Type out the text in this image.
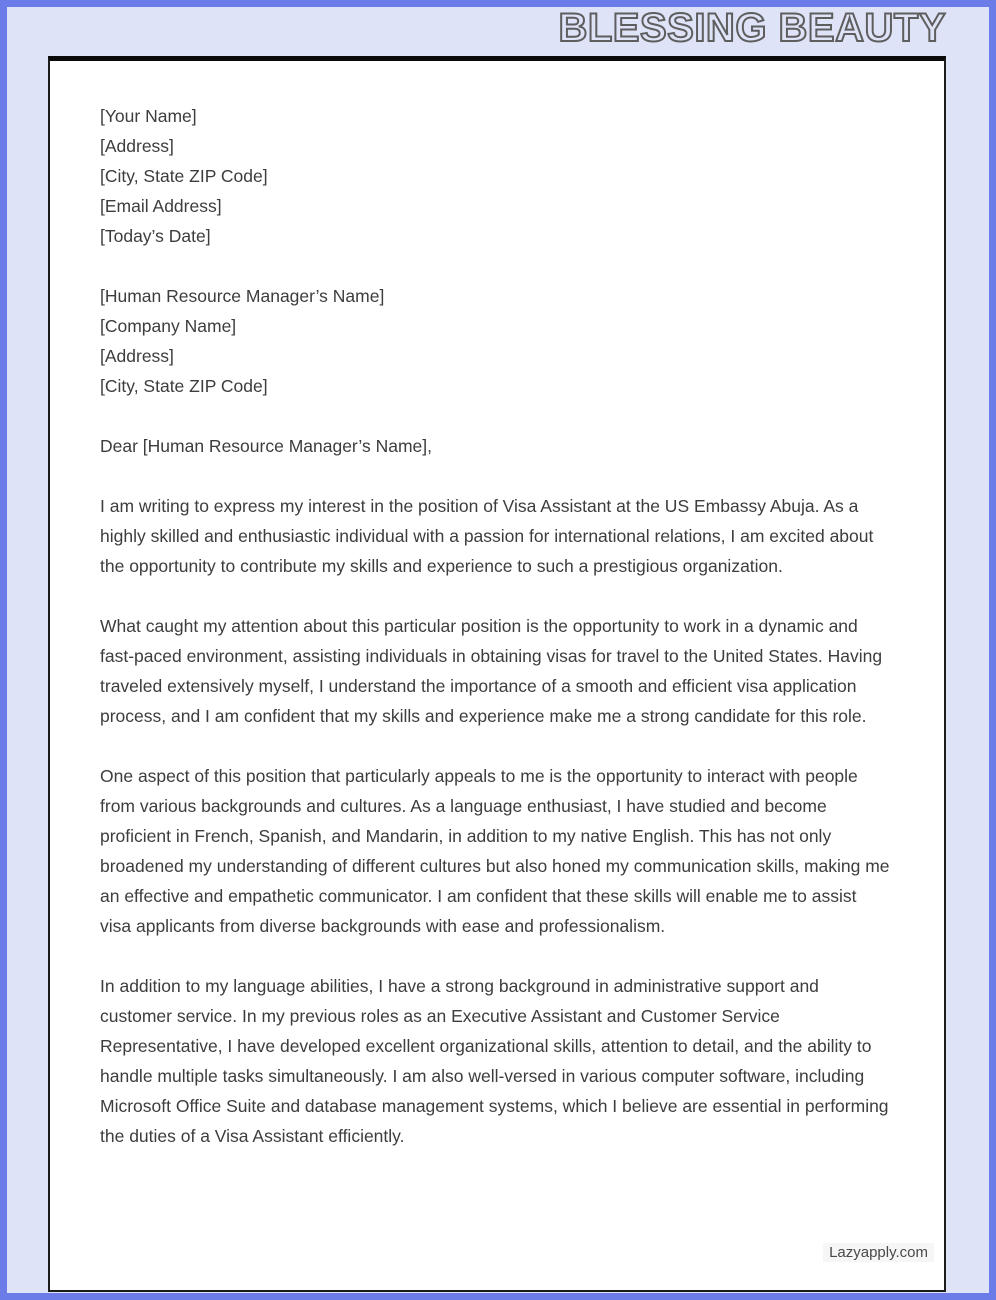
BLESSING BEAUTY
[Your Name]
[Address]
[City, State ZIP Code]
[Email Address]
[Today’s Date]
[Human Resource Manager’s Name]
[Company Name]
[Address]
[City, State ZIP Code]
Dear [Human Resource Manager’s Name],

I am writing to express my interest in the position of Visa Assistant at the US Embassy Abuja. As a highly skilled and enthusiastic individual with a passion for international relations, I am excited about the opportunity to contribute my skills and experience to such a prestigious organization.

What caught my attention about this particular position is the opportunity to work in a dynamic and fast-paced environment, assisting individuals in obtaining visas for travel to the United States. Having traveled extensively myself, I understand the importance of a smooth and efficient visa application process, and I am confident that my skills and experience make me a strong candidate for this role.

One aspect of this position that particularly appeals to me is the opportunity to interact with people from various backgrounds and cultures. As a language enthusiast, I have studied and become proficient in French, Spanish, and Mandarin, in addition to my native English. This has not only broadened my understanding of different cultures but also honed my communication skills, making me an effective and empathetic communicator. I am confident that these skills will enable me to assist visa applicants from diverse backgrounds with ease and professionalism.

In addition to my language abilities, I have a strong background in administrative support and customer service. In my previous roles as an Executive Assistant and Customer Service Representative, I have developed excellent organizational skills, attention to detail, and the ability to handle multiple tasks simultaneously. I am also well-versed in various computer software, including Microsoft Office Suite and database management systems, which I believe are essential in performing the duties of a Visa Assistant efficiently.

Lazyapply.com
